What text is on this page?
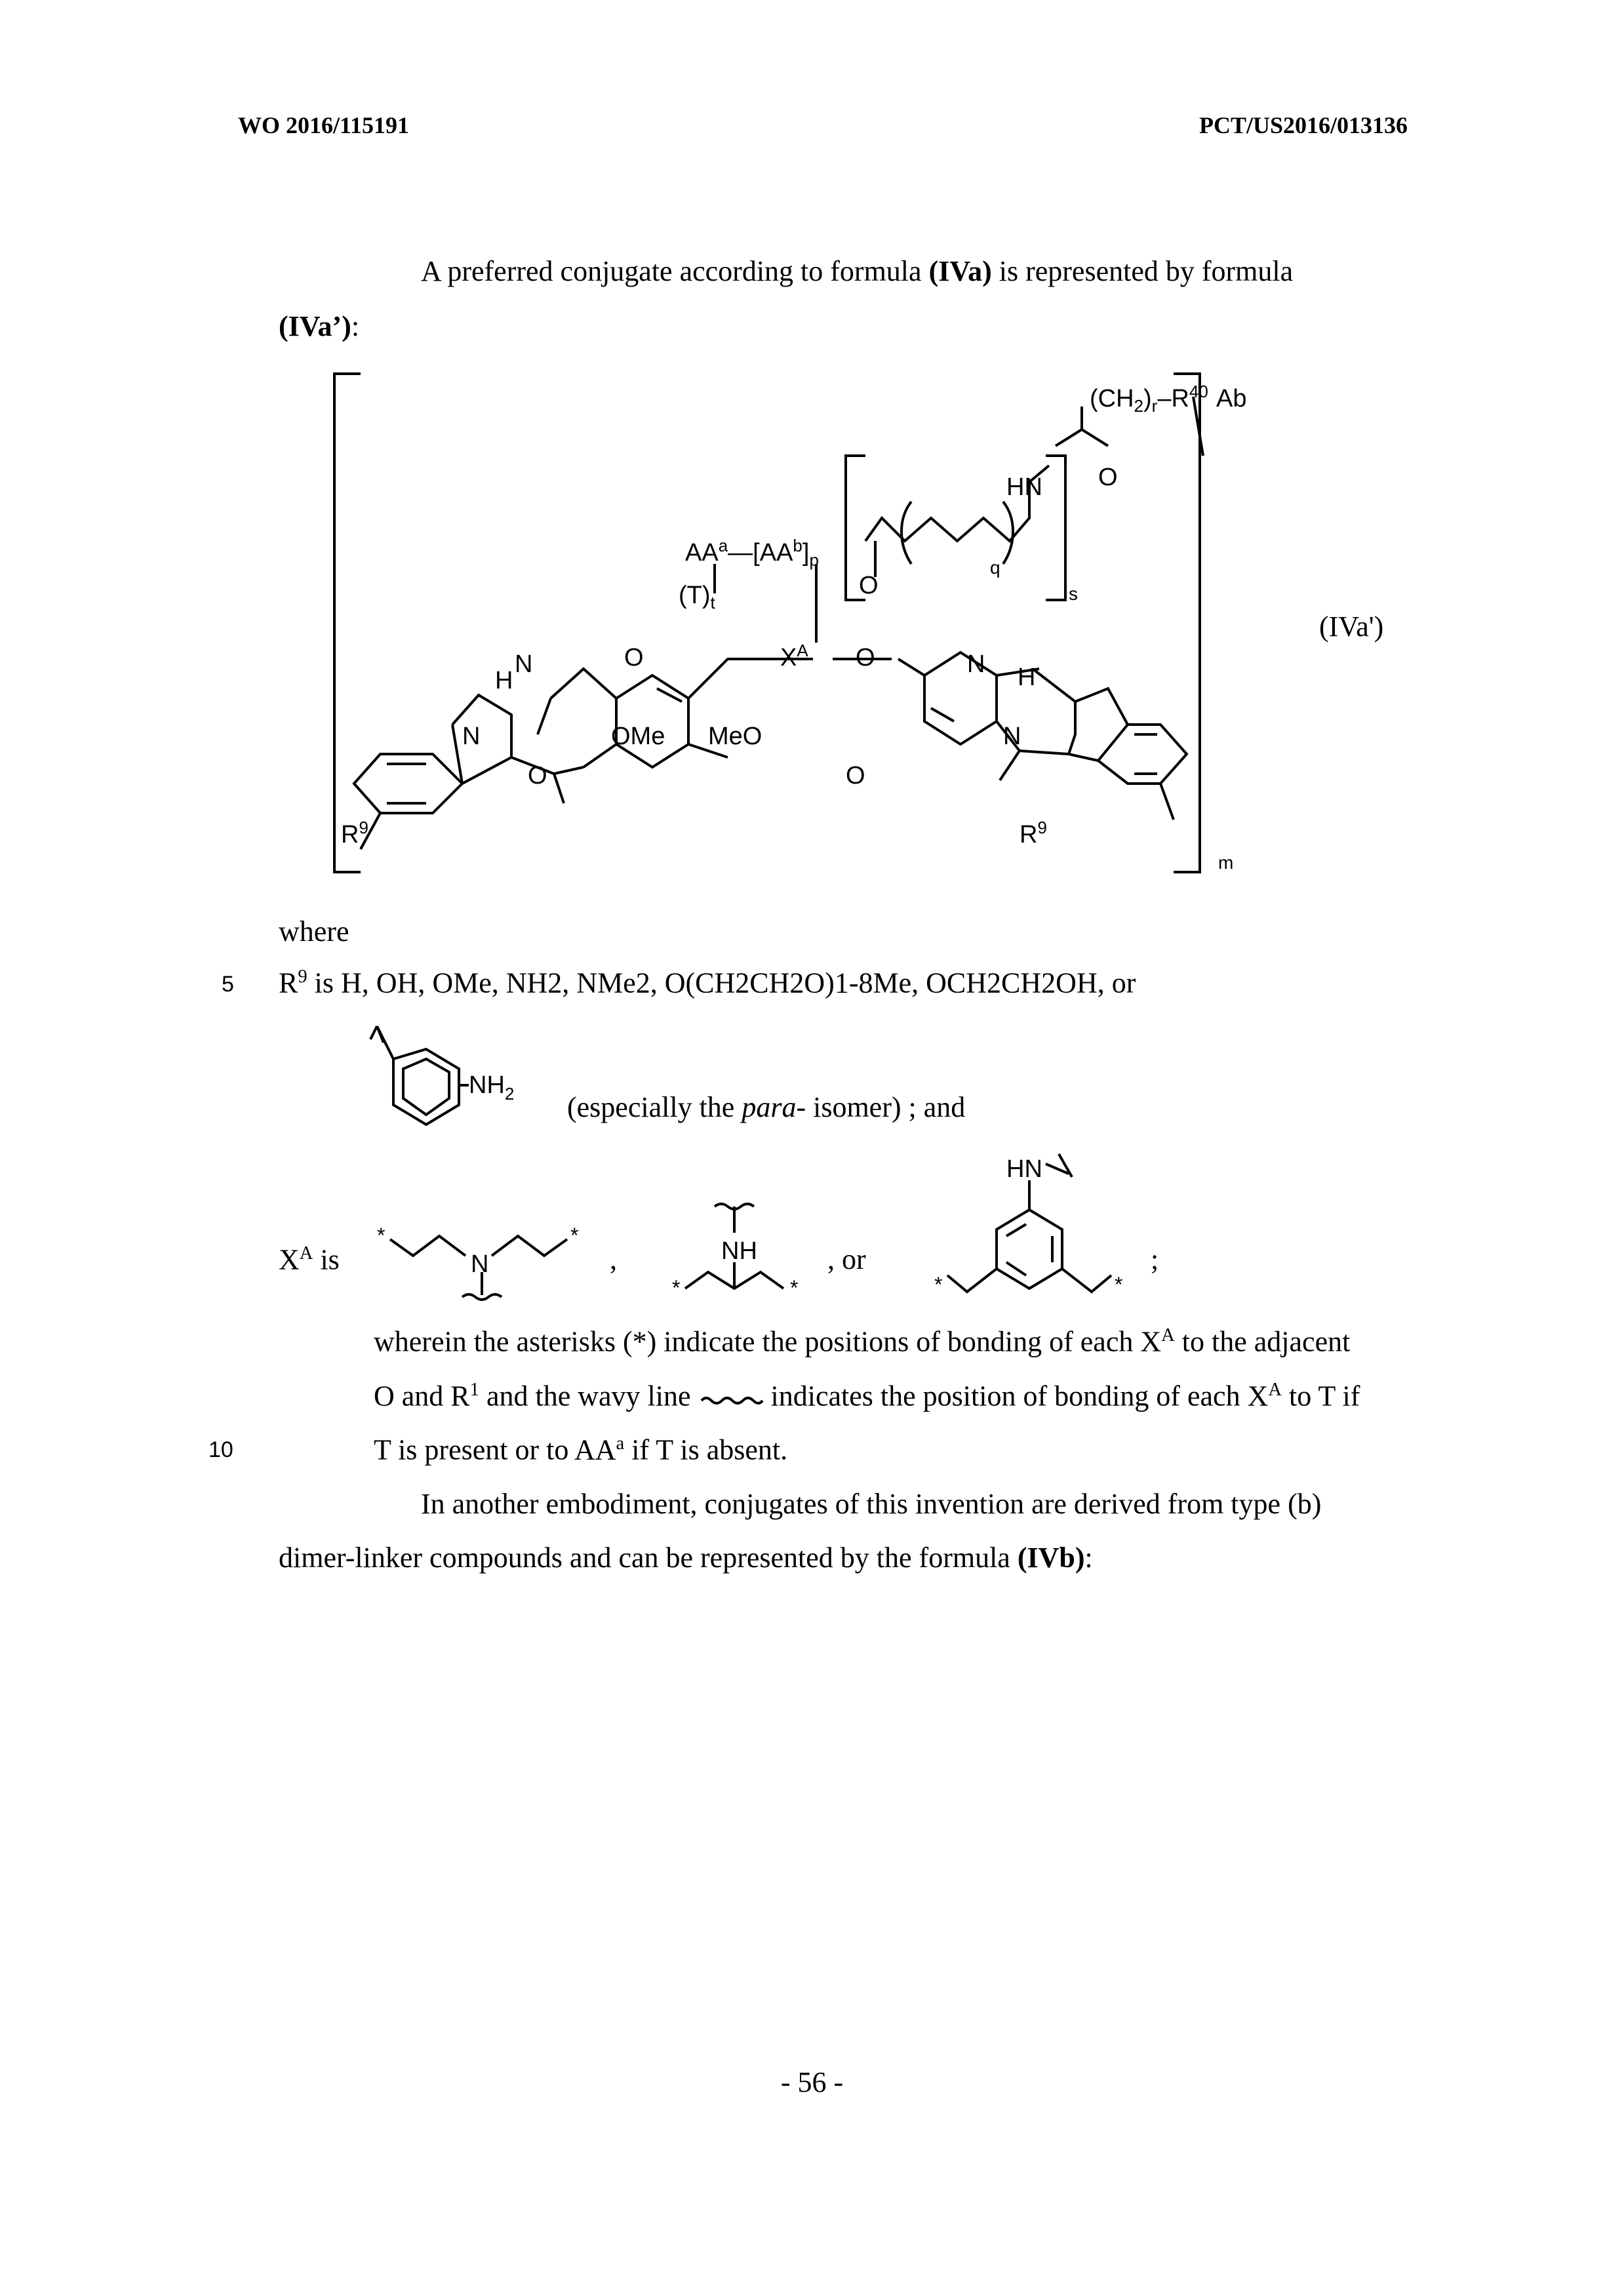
WO 2016/115191	PCT/US2016/013136
A preferred conjugate according to formula (IVa) is represented by formula
(IVa’):
$(CH_2)_r-R^{40}$ Ab
HN O
$AA^a—[AA^b]_p$
O
q
s
$(T)_t$
O	$X^A$ O
H
N	N H
OMe MeO
N	N
O	O
$R^9$	$R^9$
m
(IVa')
where
5 $R^9$ is H, OH, OMe, NH2, NMe2, O(CH2CH2O)1-8Me, OCH2CH2OH, or
$NH_2$ (especially the para- isomer) ; and
$X^A$ is
*
N
*
,	NH
*	*
, or
HN
*	*
;
wherein the asterisks (*) indicate the positions of bonding of each $X^A$ to the adjacent
O and $R^1$ and the wavy line  indicates the position of bonding of each $X^A$ to T if
10	T is present or to $AA^a$ if T is absent.
In another embodiment, conjugates of this invention are derived from type (b)
dimer-linker compounds and can be represented by the formula (IVb):
- 56 -
